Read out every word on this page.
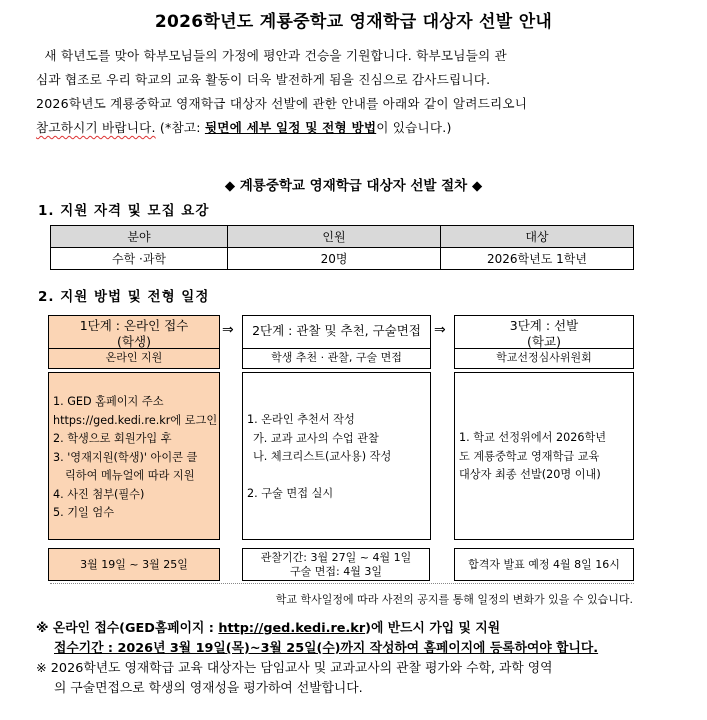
2026학년도 계룡중학교 영재학급 대상자 선발 안내

새 학년도를 맞아 학부모님들의 가정에 평안과 건승을 기원합니다. 학부모님들의 관

심과 협조로 우리 학교의 교육 활동이 더욱 발전하게 됨을 진심으로 감사드립니다.

2026학년도 계룡중학교 영재학급 대상자 선발에 관한 안내를 아래와 같이 알려드리오니

참고하시기 바랍니다. (*참고: 뒷면에 세부 일정 및 전형 방법이 있습니다.)

◆ 계룡중학교 영재학급 대상자 선발 절차 ◆
1. 지원 자격 및 모집 요강
분야	인원	대상
수학 ·과학	20명	2026학년도 1학년
2. 지원 방법 및 전형 일정
1단계 : 온라인 접수
(학생)
온라인 지원
1. GED 홈페이지 주소
https://ged.kedi.re.kr에 로그인
2. 학생으로 회원가입 후
3. '영재지원(학생)' 아이콘 클
릭하여 메뉴얼에 따라 지원
4. 사진 첨부(필수)
5. 기일 엄수
3월 19일 ~ 3월 25일
⇒	2단계 : 관찰 및 추천, 구술면접
학생 추천 · 관찰, 구술 면접
1. 온라인 추천서 작성
가. 교과 교사의 수업 관찰
나. 체크리스트(교사용) 작성
2. 구술 면접 실시
관찰기간: 3월 27일 ~ 4월 1일
구술 면접: 4월 3일
⇒	3단계 : 선발
(학교)
학교선정심사위원회
1. 학교 선정위에서 2026학년
도 계룡중학교 영재학급 교육
대상자 최종 선발(20명 이내)
합격자 발표 예정 4월 8일 16시
학교 학사일정에 따라 사전의 공지를 통해 일정의 변화가 있을 수 있습니다.

※ 온라인 접수(GED홈페이지 : http://ged.kedi.re.kr)에 반드시 가입 및 지원

접수기간 : 2026년 3월 19일(목)~3월 25일(수)까지 작성하여 홈페이지에 등록하여야 합니다.

※ 2026학년도 영재학급 교육 대상자는 담임교사 및 교과교사의 관찰 평가와 수학, 과학 영역

의 구술면접으로 학생의 영재성을 평가하여 선발합니다.
